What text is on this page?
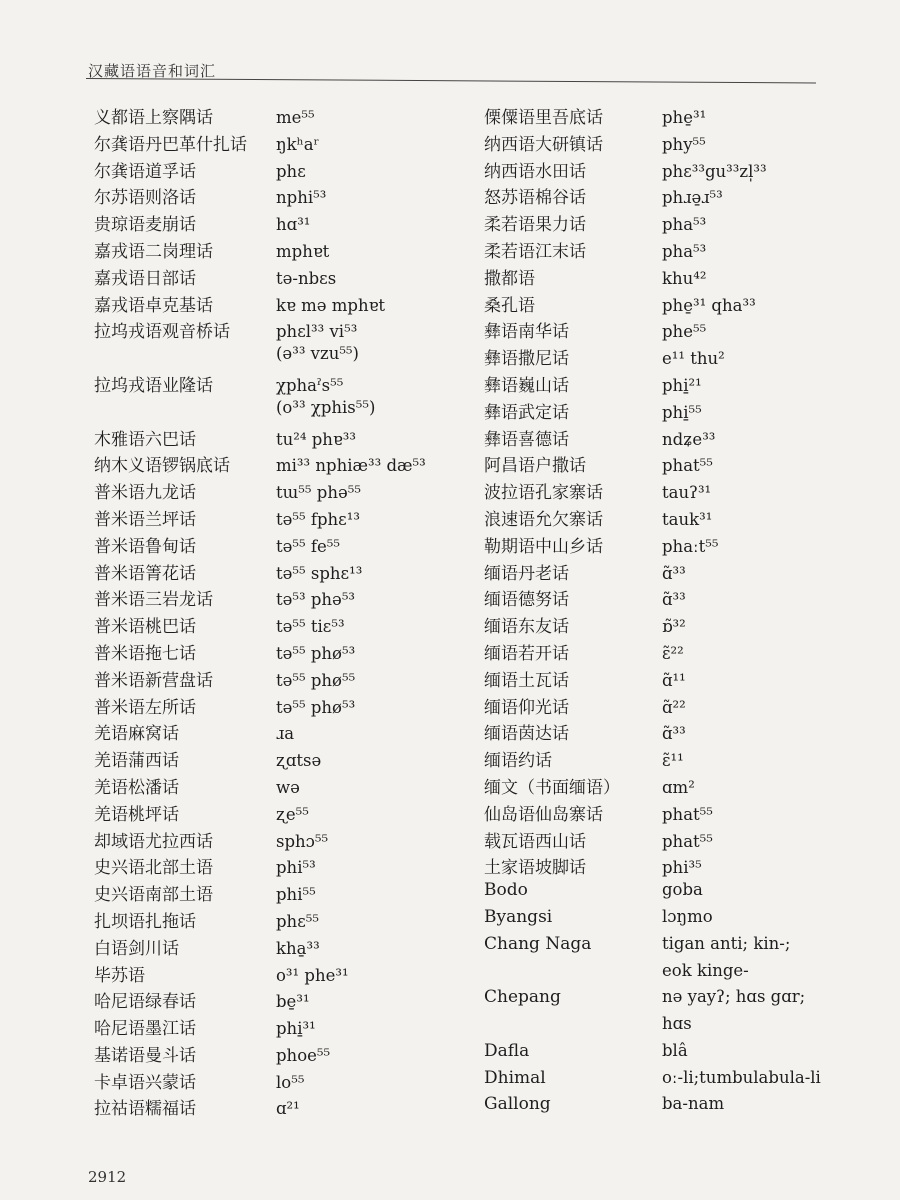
汉藏语语音和词汇
义都语上察隅话	me⁵⁵
尔龚语丹巴革什扎话	ŋkʰaʳ
尔龚语道孚话	phɛ
尔苏语则洛话	nphi⁵³
贵琼语麦崩话	hɑ³¹
嘉戎语二岗理话	mphɐt
嘉戎语日部话	tə-nbɛs
嘉戎语卓克基话	kɐ mə mphɐt
拉坞戎语观音桥话	phɛl³³ vi⁵³
(ə³³ vzu⁵⁵)
拉坞戎语业隆话	χphaˀs⁵⁵
(o³³ χphis⁵⁵)
木雅语六巴话	tu²⁴ phɐ³³
纳木义语锣锅底话	mi³³ nphiæ³³ dæ⁵³
普米语九龙话	tɯ⁵⁵ phə⁵⁵
普米语兰坪话	tə⁵⁵ fphɛ¹³
普米语鲁甸话	tə⁵⁵ fe⁵⁵
普米语箐花话	tə⁵⁵ sphɛ¹³
普米语三岩龙话	tə⁵³ phə⁵³
普米语桃巴话	tə⁵⁵ tiɛ⁵³
普米语拖七话	tə⁵⁵ phø⁵³
普米语新营盘话	tə⁵⁵ phø⁵⁵
普米语左所话	tə⁵⁵ phø⁵³
羌语麻窝话	ɹa
羌语蒲西话	ʐɑtsə
羌语松潘话	wə
羌语桃坪话	ʐe⁵⁵
却域语尤拉西话	sphɔ⁵⁵
史兴语北部土语	phi⁵³
史兴语南部土语	phi⁵⁵
扎坝语扎拖话	phɛ⁵⁵
白语剑川话	kha̱³³
毕苏语	o³¹ phe³¹
哈尼语绿春话	be̱³¹
哈尼语墨江话	phi̱³¹
基诺语曼斗话	phoe⁵⁵
卡卓语兴蒙话	lo⁵⁵
拉祜语糯福话	ɑ²¹
傈僳语里吾底话	phe̱³¹
纳西语大研镇话	phy⁵⁵
纳西语水田话	phɛ³³gu³³zl̩³³
怒苏语棉谷话	phɹə̱ɹ⁵³
柔若语果力话	pha⁵³
柔若语江末话	pha⁵³
撒都语	khu⁴²
桑孔语	phe̱³¹ qha³³
彝语南华话	phe⁵⁵
彝语撒尼话	e¹¹ thu²
彝语巍山话	phi̱²¹
彝语武定话	phi̱⁵⁵
彝语喜德话	ndʑe³³
阿昌语户撒话	phat⁵⁵
波拉语孔家寨话	tauʔ³¹
浪速语允欠寨话	tauk³¹
勒期语中山乡话	phaːt⁵⁵
缅语丹老话	ɑ̃³³
缅语德努话	ɑ̃³³
缅语东友话	ɒ̃³²
缅语若开话	ɛ̃²²
缅语土瓦话	ɑ̃¹¹
缅语仰光话	ɑ̃²²
缅语茵达话	ɑ̃³³
缅语约话	ɛ̃¹¹
缅文（书面缅语）	ɑm²
仙岛语仙岛寨话	phat⁵⁵
载瓦语西山话	phat⁵⁵
土家语坡脚话	phi³⁵
Bodo	goba
Byangsi	lɔŋmo
Chang Naga	tigan anti; kin-;
eok kinge-
Chepang	nə yayʔ; hɑs gɑr;
hɑs
Dafla	blâ
Dhimal	oː-li;tumbulabula-li
Gallong	ba-nam
2912
